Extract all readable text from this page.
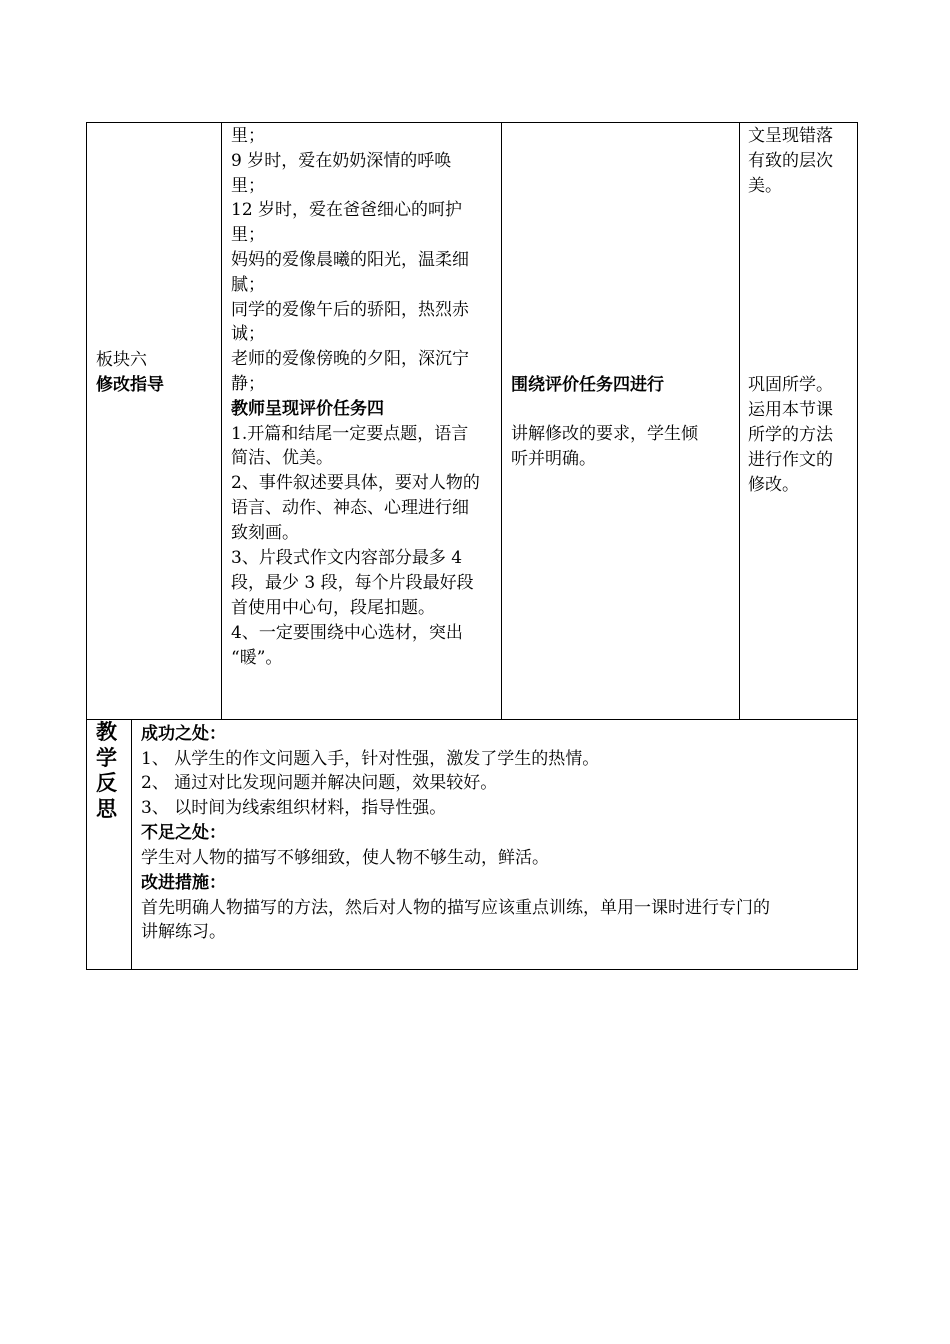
板块六
修改指导
里；
9 岁时，爱在奶奶深情的呼唤
里；
12 岁时，爱在爸爸细心的呵护
里；
妈妈的爱像晨曦的阳光，温柔细
腻；
同学的爱像午后的骄阳，热烈赤
诚；
老师的爱像傍晚的夕阳，深沉宁
静；
教师呈现评价任务四
1.开篇和结尾一定要点题，语言
简洁、优美。
2、事件叙述要具体，要对人物的
语言、动作、神态、心理进行细
致刻画。
3、片段式作文内容部分最多 4
段，最少 3 段，每个片段最好段
首使用中心句，段尾扣题。
4、一定要围绕中心选材，突出
“暖”。
围绕评价任务四进行
讲解修改的要求，学生倾
听并明确。
文呈现错落
有致的层次
美。
巩固所学。
运用本节课
所学的方法
进行作文的
修改。
教
学
反
思
成功之处：
1、 从学生的作文问题入手，针对性强，激发了学生的热情。
2、 通过对比发现问题并解决问题，效果较好。
3、 以时间为线索组织材料，指导性强。
不足之处：
学生对人物的描写不够细致，使人物不够生动，鲜活。
改进措施：
首先明确人物描写的方法，然后对人物的描写应该重点训练，单用一课时进行专门的
讲解练习。
